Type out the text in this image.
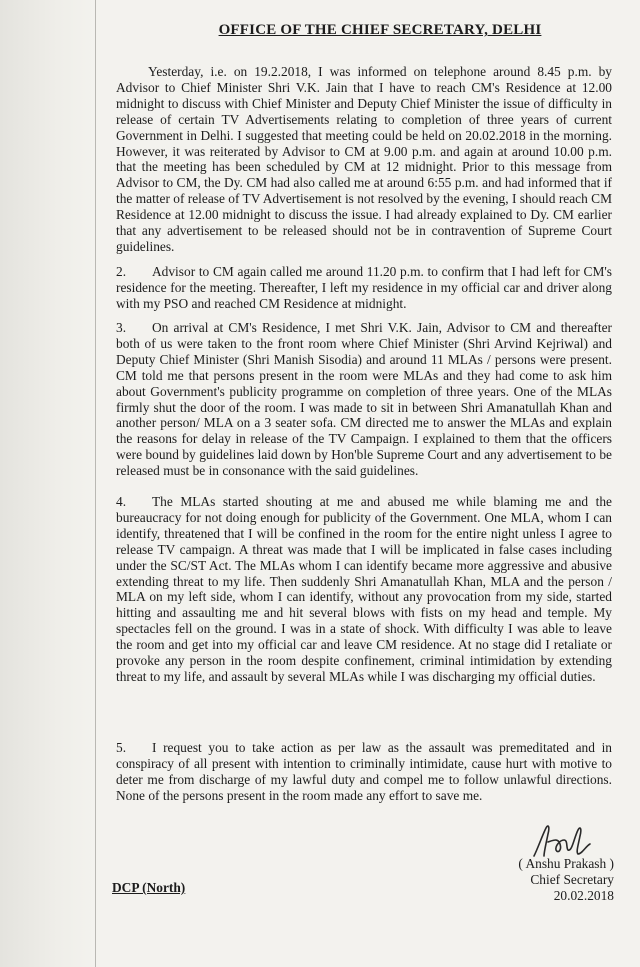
OFFICE OF THE CHIEF SECRETARY, DELHI

Yesterday, i.e. on 19.2.2018, I was informed on telephone around 8.45 p.m. by Advisor to Chief Minister Shri V.K. Jain that I have to reach CM's Residence at 12.00 midnight to discuss with Chief Minister and Deputy Chief Minister the issue of difficulty in release of certain TV Advertisements relating to completion of three years of current Government in Delhi. I suggested that meeting could be held on 20.02.2018 in the morning. However, it was reiterated by Advisor to CM at 9.00 p.m. and again at around 10.00 p.m. that the meeting has been scheduled by CM at 12 midnight. Prior to this message from Advisor to CM, the Dy. CM had also called me at around 6:55 p.m. and had informed that if the matter of release of TV Advertisement is not resolved by the evening, I should reach CM Residence at 12.00 midnight to discuss the issue. I had already explained to Dy. CM earlier that any advertisement to be released should not be in contravention of Supreme Court guidelines.

2. Advisor to CM again called me around 11.20 p.m. to confirm that I had left for CM's residence for the meeting. Thereafter, I left my residence in my official car and driver along with my PSO and reached CM Residence at midnight.

3. On arrival at CM's Residence, I met Shri V.K. Jain, Advisor to CM and thereafter both of us were taken to the front room where Chief Minister (Shri Arvind Kejriwal) and Deputy Chief Minister (Shri Manish Sisodia) and around 11 MLAs / persons were present. CM told me that persons present in the room were MLAs and they had come to ask him about Government's publicity programme on completion of three years. One of the MLAs firmly shut the door of the room. I was made to sit in between Shri Amanatullah Khan and another person/ MLA on a 3 seater sofa. CM directed me to answer the MLAs and explain the reasons for delay in release of the TV Campaign. I explained to them that the officers were bound by guidelines laid down by Hon'ble Supreme Court and any advertisement to be released must be in consonance with the said guidelines.

4. The MLAs started shouting at me and abused me while blaming me and the bureaucracy for not doing enough for publicity of the Government. One MLA, whom I can identify, threatened that I will be confined in the room for the entire night unless I agree to release TV campaign. A threat was made that I will be implicated in false cases including under the SC/ST Act. The MLAs whom I can identify became more aggressive and abusive extending threat to my life. Then suddenly Shri Amanatullah Khan, MLA and the person / MLA on my left side, whom I can identify, without any provocation from my side, started hitting and assaulting me and hit several blows with fists on my head and temple. My spectacles fell on the ground. I was in a state of shock. With difficulty I was able to leave the room and get into my official car and leave CM residence. At no stage did I retaliate or provoke any person in the room despite confinement, criminal intimidation by extending threat to my life, and assault by several MLAs while I was discharging my official duties.

5. I request you to take action as per law as the assault was premeditated and in conspiracy of all present with intention to criminally intimidate, cause hurt with motive to deter me from discharge of my lawful duty and compel me to follow unlawful directions. None of the persons present in the room made any effort to save me.

( Anshu Prakash )
Chief Secretary
20.02.2018
DCP (North)
